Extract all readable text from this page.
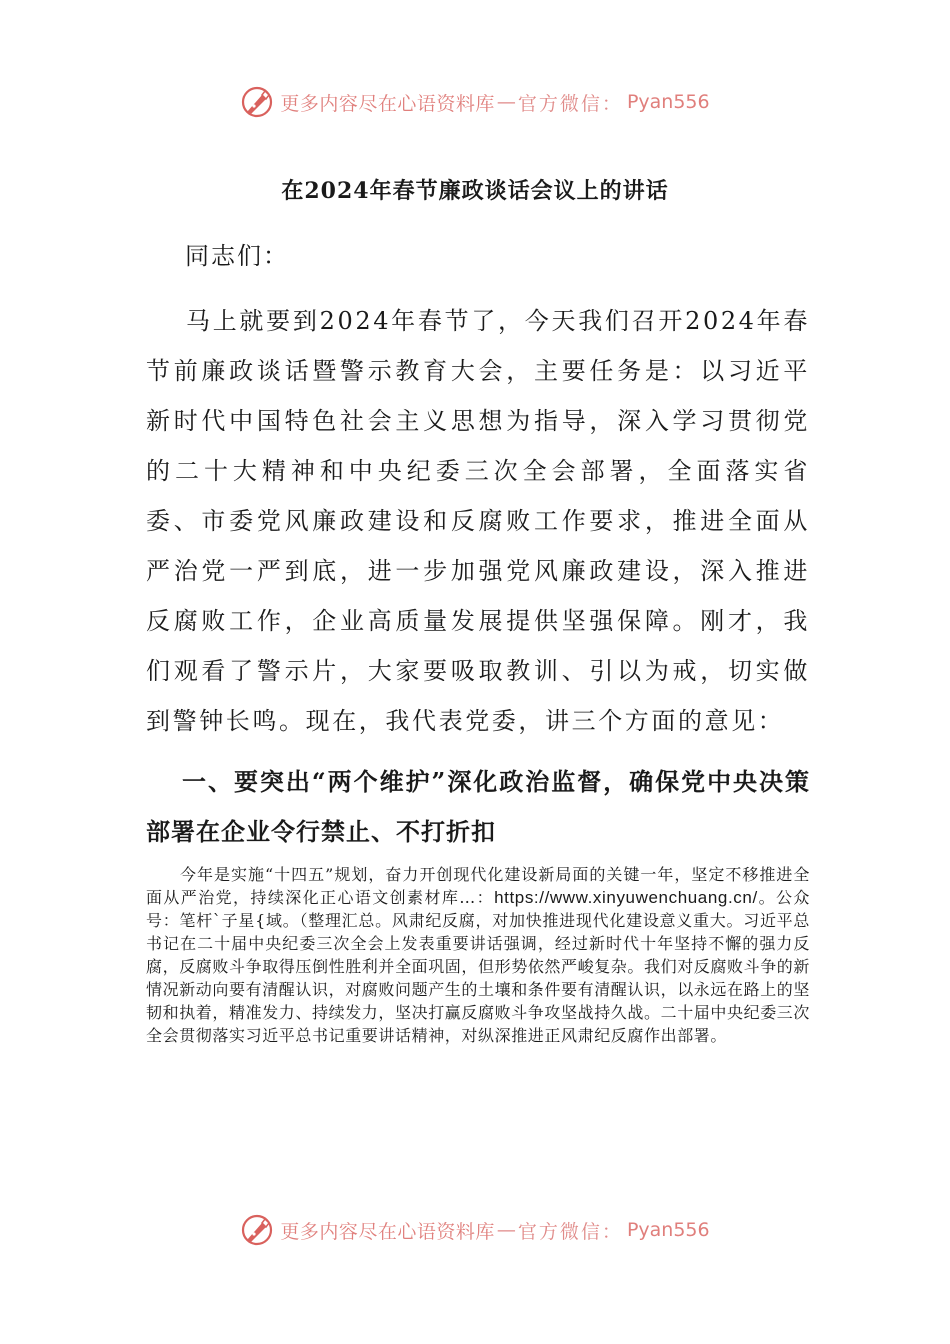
更多内容尽在心语资料库 — 官方微信： Pyan556
在2024年春节廉政谈话会议上的讲话
同志们：
马上就要到2024年春节了，今天我们召开2024年春节前廉政谈话暨警示教育大会，主要任务是：以习近平新时代中国特色社会主义思想为指导，深入学习贯彻党的二十大精神和中央纪委三次全会部署，全面落实省委、市委党风廉政建设和反腐败工作要求，推进全面从严治党一严到底，进一步加强党风廉政建设，深入推进反腐败工作，企业高质量发展提供坚强保障。刚才，我们观看了警示片，大家要吸取教训、引以为戒，切实做到警钟长鸣。现在，我代表党委，讲三个方面的意见：
一、要突出“两个维护”深化政治监督，确保党中央决策部署在企业令行禁止、不打折扣
今年是实施“十四五”规划，奋力开创现代化建设新局面的关键一年，坚定不移推进全面从严治党，持续深化正心语文创素材库…：https://www.xinyuwenchuang.cn/。公众号：笔杆`子星{域。（整理汇总。风肃纪反腐，对加快推进现代化建设意义重大。习近平总书记在二十届中央纪委三次全会上发表重要讲话强调，经过新时代十年坚持不懈的强力反腐，反腐败斗争取得压倒性胜利并全面巩固，但形势依然严峻复杂。我们对反腐败斗争的新情况新动向要有清醒认识，对腐败问题产生的土壤和条件要有清醒认识，以永远在路上的坚韧和执着，精准发力、持续发力，坚决打赢反腐败斗争攻坚战持久战。二十届中央纪委三次全会贯彻落实习近平总书记重要讲话精神，对纵深推进正风肃纪反腐作出部署。
更多内容尽在心语资料库 — 官方微信： Pyan556
